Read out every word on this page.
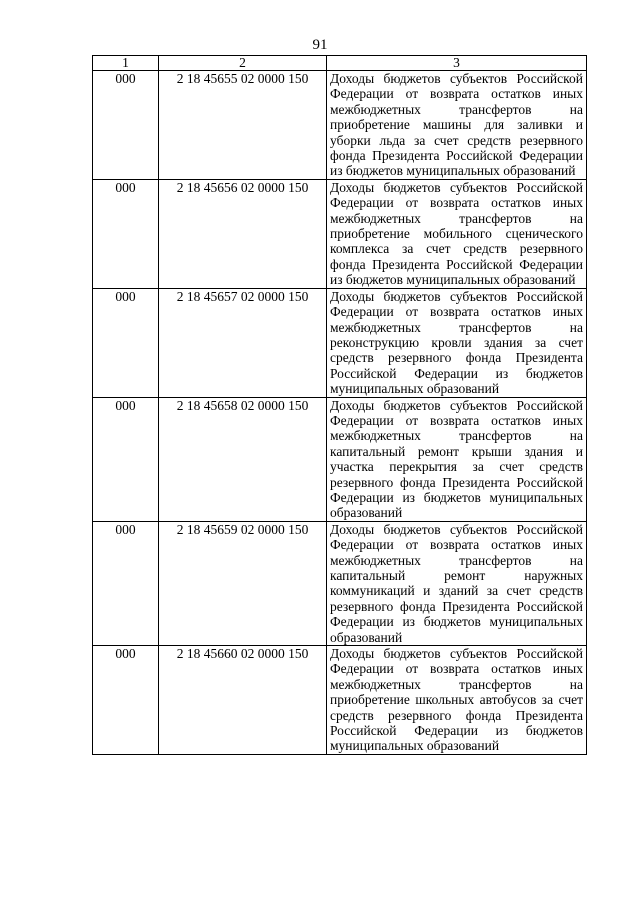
91
1	2	3
000	2 18 45655 02 0000 150	Доходы бюджетов субъектов Российской Федерации от возврата остатков иных межбюджетных трансфертов на приобретение машины для заливки и уборки льда за счет средств резервного фонда Президента Российской Федерации из бюджетов муниципальных образований
000	2 18 45656 02 0000 150	Доходы бюджетов субъектов Российской Федерации от возврата остатков иных межбюджетных трансфертов на приобретение мобильного сценического комплекса за счет средств резервного фонда Президента Российской Федерации из бюджетов муниципальных образований
000	2 18 45657 02 0000 150	Доходы бюджетов субъектов Российской Федерации от возврата остатков иных межбюджетных трансфертов на реконструкцию кровли здания за счет средств резервного фонда Президента Российской Федерации из бюджетов муниципальных образований
000	2 18 45658 02 0000 150	Доходы бюджетов субъектов Российской Федерации от возврата остатков иных межбюджетных трансфертов на капитальный ремонт крыши здания и участка перекрытия за счет средств резервного фонда Президента Российской Федерации из бюджетов муниципальных образований
000	2 18 45659 02 0000 150	Доходы бюджетов субъектов Российской Федерации от возврата остатков иных межбюджетных трансфертов на капитальный ремонт наружных коммуникаций и зданий за счет средств резервного фонда Президента Российской Федерации из бюджетов муниципальных образований
000	2 18 45660 02 0000 150	Доходы бюджетов субъектов Российской Федерации от возврата остатков иных межбюджетных трансфертов на приобретение школьных автобусов за счет средств резервного фонда Президента Российской Федерации из бюджетов муниципальных образований
